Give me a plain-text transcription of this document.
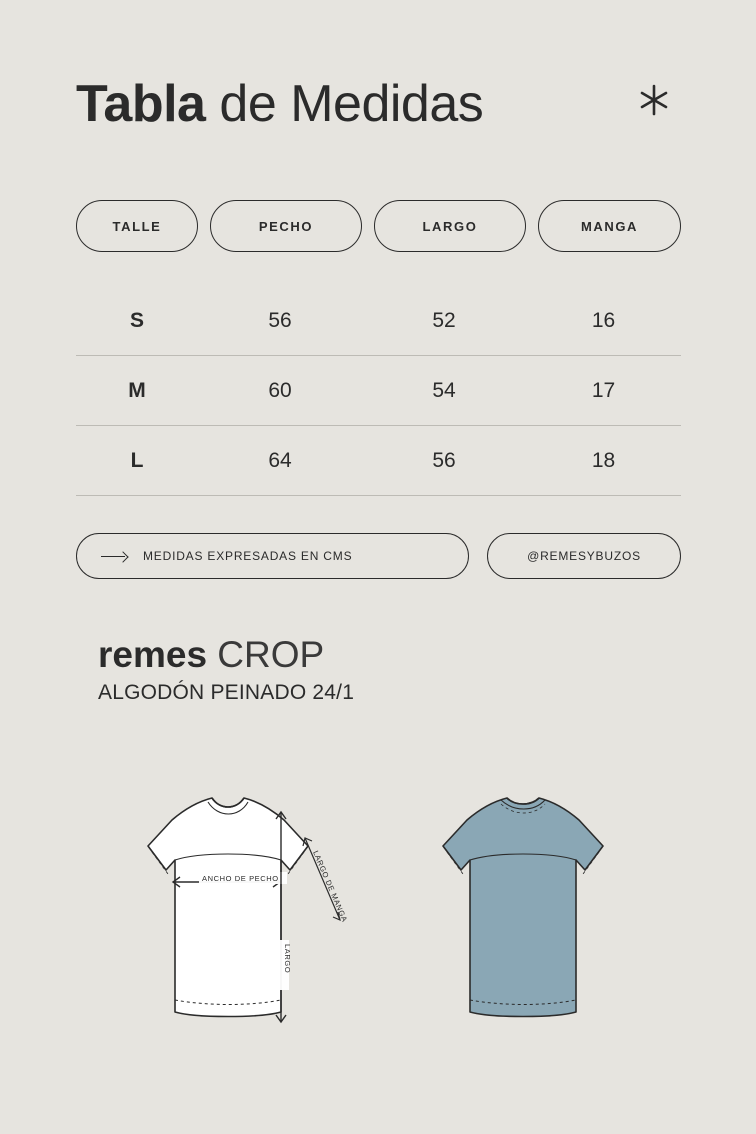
Tabla de Medidas
TALLE	PECHO	LARGO	MANGA
S	56	52	16
M	60	54	17
L	64	56	18
MEDIDAS EXPRESADAS EN CMS	@REMESYBUZOS
remes CROP
ALGODÓN PEINADO 24/1
ANCHO DE PECHO
LARGO
LARGO DE MANGA
